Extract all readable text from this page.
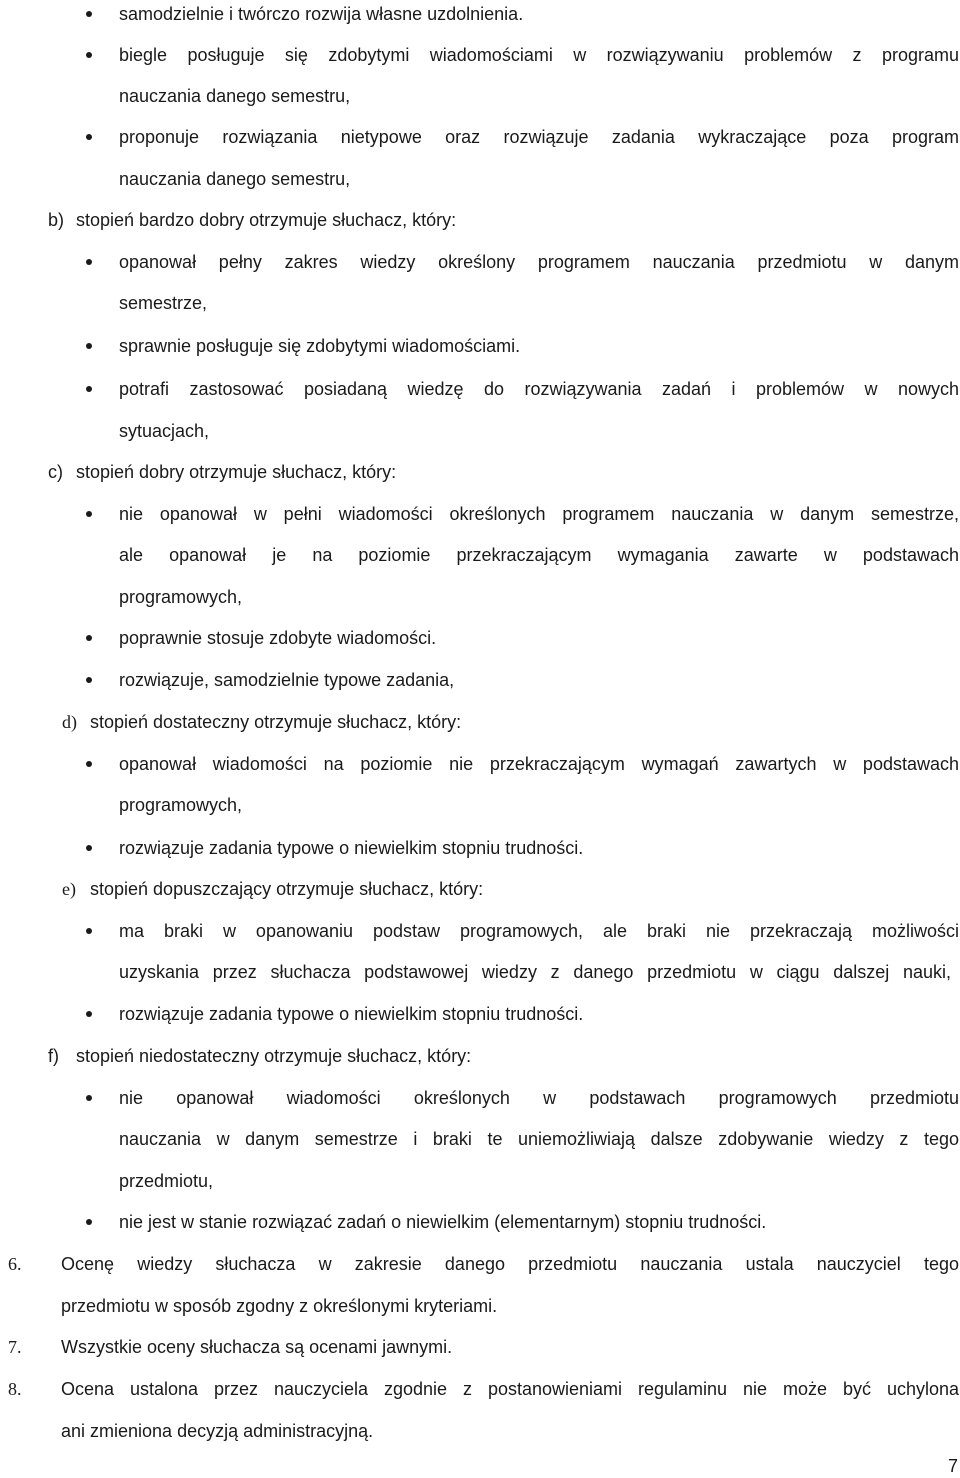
samodzielnie i twórczo rozwija własne uzdolnienia.
biegle posługuje się zdobytymi wiadomościami w rozwiązywaniu problemów z programu
nauczania danego semestru,
proponuje rozwiązania nietypowe oraz rozwiązuje zadania wykraczające poza program
nauczania danego semestru,
b) stopień bardzo dobry otrzymuje słuchacz, który:
opanował pełny zakres wiedzy określony programem nauczania przedmiotu w danym
semestrze,
sprawnie posługuje się zdobytymi wiadomościami.
potrafi zastosować posiadaną wiedzę do rozwiązywania zadań i problemów w nowych
sytuacjach,
c) stopień dobry otrzymuje słuchacz, który:
nie opanował w pełni wiadomości określonych programem nauczania w danym semestrze,
ale opanował je na poziomie przekraczającym wymagania zawarte w podstawach
programowych,
poprawnie stosuje zdobyte wiadomości.
rozwiązuje, samodzielnie typowe zadania,
d) stopień dostateczny otrzymuje słuchacz, który:
opanował wiadomości na poziomie nie przekraczającym wymagań zawartych w podstawach
programowych,
rozwiązuje zadania typowe o niewielkim stopniu trudności.
e) stopień dopuszczający otrzymuje słuchacz, który:
ma braki w opanowaniu podstaw programowych, ale braki nie przekraczają możliwości
uzyskania przez słuchacza podstawowej wiedzy z danego przedmiotu w ciągu dalszej nauki,
rozwiązuje zadania typowe o niewielkim stopniu trudności.
f) stopień niedostateczny otrzymuje słuchacz, który:
nie opanował wiadomości określonych w podstawach programowych przedmiotu
nauczania w danym semestrze i braki te uniemożliwiają dalsze zdobywanie wiedzy z tego
przedmiotu,
nie jest w stanie rozwiązać zadań o niewielkim (elementarnym) stopniu trudności.
6. Ocenę wiedzy słuchacza w zakresie danego przedmiotu nauczania ustala nauczyciel tego
przedmiotu w sposób zgodny z określonymi kryteriami.
7. Wszystkie oceny słuchacza są ocenami jawnymi.
8. Ocena ustalona przez nauczyciela zgodnie z postanowieniami regulaminu nie może być uchylona
ani zmieniona decyzją administracyjną.
7
